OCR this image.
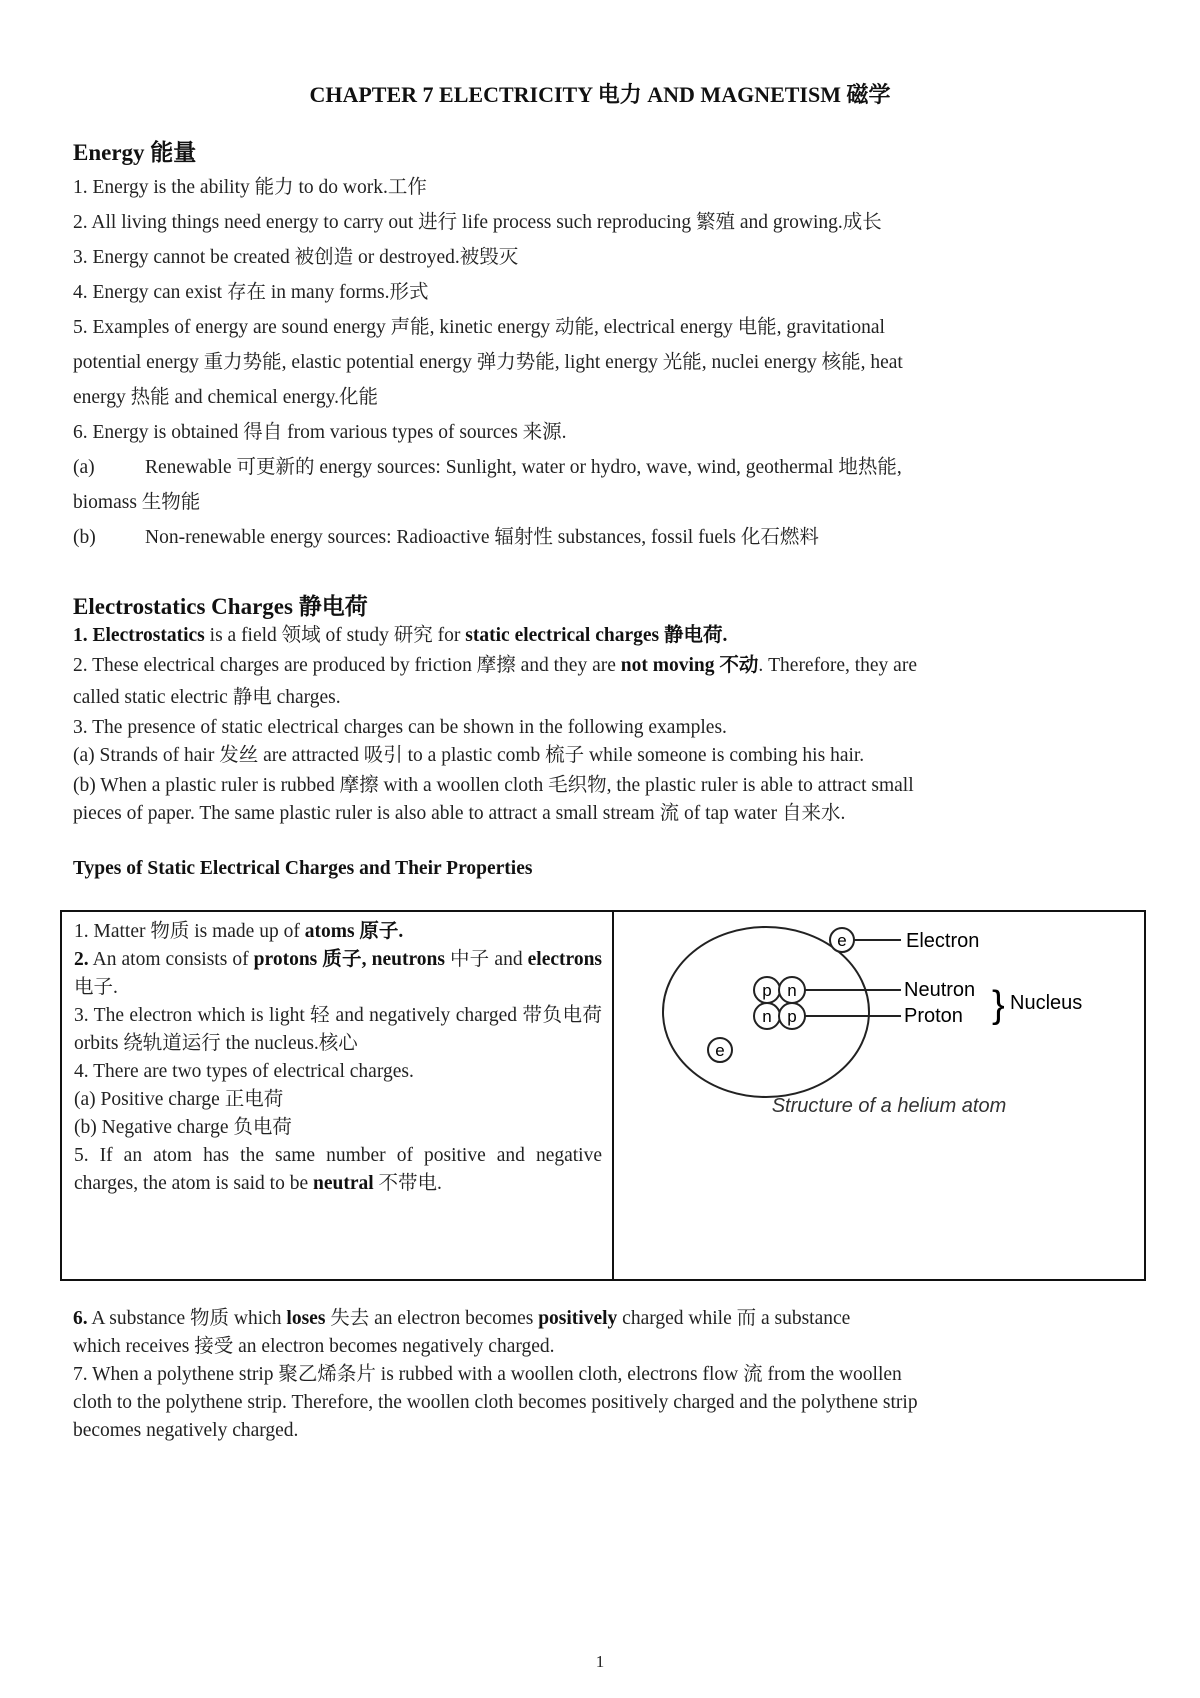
CHAPTER 7 ELECTRICITY 电力 AND MAGNETISM 磁学
Energy 能量
1. Energy is the ability 能力 to do work.工作
2. All living things need energy to carry out 进行 life process such reproducing 繁殖 and growing.成长
3. Energy cannot be created 被创造 or destroyed.被毁灭
4. Energy can exist 存在 in many forms.形式
5. Examples of energy are sound energy 声能, kinetic energy 动能, electrical energy 电能, gravitational
potential energy 重力势能, elastic potential energy 弹力势能, light energy 光能, nuclei energy 核能, heat
energy 热能 and chemical energy.化能
6. Energy is obtained 得自 from various types of sources 来源.
(a)	Renewable 可更新的 energy sources: Sunlight, water or hydro, wave, wind, geothermal 地热能,
biomass 生物能
(b)	Non-renewable energy sources: Radioactive 辐射性 substances, fossil fuels 化石燃料
Electrostatics Charges 静电荷
1. Electrostatics is a field 领域 of study 研究 for static electrical charges 静电荷.
2. These electrical charges are produced by friction 摩擦 and they are not moving 不动. Therefore, they are
called static electric 静电 charges.
3. The presence of static electrical charges can be shown in the following examples.
(a) Strands of hair 发丝 are attracted 吸引 to a plastic comb 梳子 while someone is combing his hair.
(b) When a plastic ruler is rubbed 摩擦 with a woollen cloth 毛织物, the plastic ruler is able to attract small
pieces of paper. The same plastic ruler is also able to attract a small stream 流 of tap water 自来水.
Types of Static Electrical Charges and Their Properties
1. Matter 物质 is made up of atoms 原子.
2. An atom consists of protons 质子, neutrons 中子 and electrons 电子.
3. The electron which is light 轻 and negatively charged 带负电荷 orbits 绕轨道运行 the nucleus.核心
4. There are two types of electrical charges.
(a) Positive charge 正电荷
(b) Negative charge 负电荷
5. If an atom has the same number of positive and negative charges, the atom is said to be neutral 不带电.

e	Electron
e
p n
n p
Neutron
Proton } Nucleus
Structure of a helium atom
6. A substance 物质 which loses 失去 an electron becomes positively charged while 而 a substance
which receives 接受 an electron becomes negatively charged.
7. When a polythene strip 聚乙烯条片 is rubbed with a woollen cloth, electrons flow 流 from the woollen
cloth to the polythene strip. Therefore, the woollen cloth becomes positively charged and the polythene strip
becomes negatively charged.
1
